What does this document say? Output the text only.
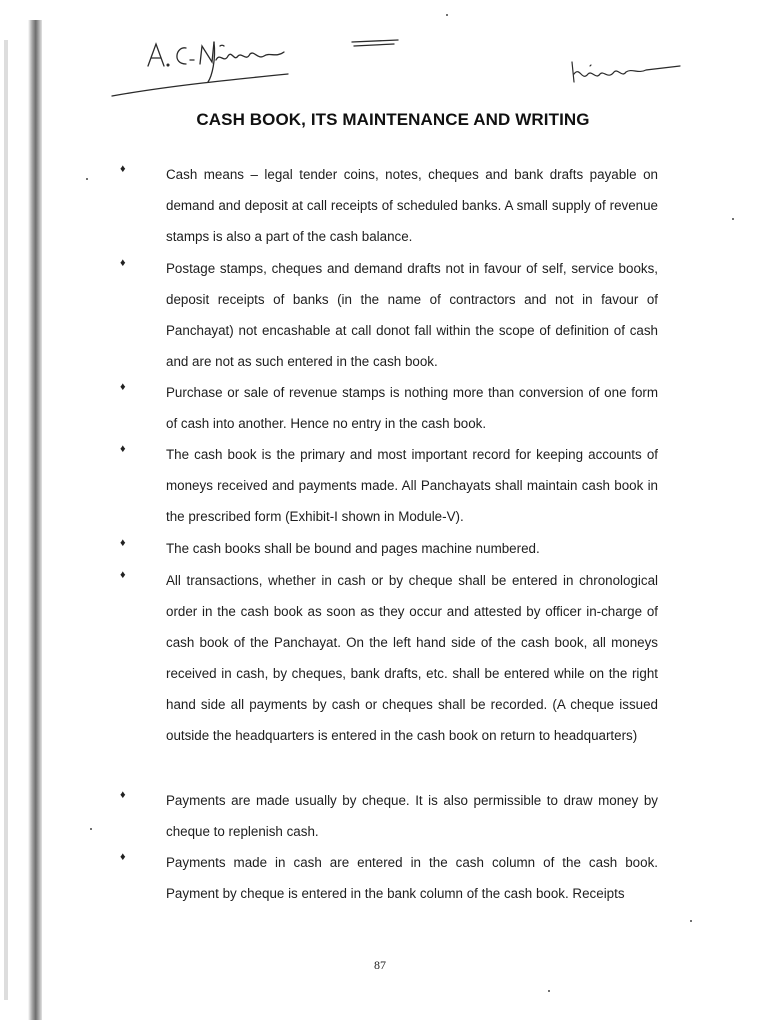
CASH BOOK, ITS MAINTENANCE AND WRITING
♦	Cash means – legal tender coins, notes, cheques and bank drafts payable on demand and deposit at call receipts of scheduled banks. A small supply of revenue stamps is also a part of the cash balance.
♦	Postage stamps, cheques and demand drafts not in favour of self, service books, deposit receipts of banks (in the name of contractors and not in favour of Panchayat) not encashable at call donot fall within the scope of definition of cash and are not as such entered in the cash book.
♦	Purchase or sale of revenue stamps is nothing more than conversion of one form of cash into another. Hence no entry in the cash book.
♦	The cash book is the primary and most important record for keeping accounts of moneys received and payments made. All Panchayats shall maintain cash book in the prescribed form (Exhibit-I shown in Module-V).
♦	The cash books shall be bound and pages machine numbered.
♦	All transactions, whether in cash or by cheque shall be entered in chronological order in the cash book as soon as they occur and attested by officer in-charge of cash book of the Panchayat. On the left hand side of the cash book, all moneys received in cash, by cheques, bank drafts, etc. shall be entered while on the right hand side all payments by cash or cheques shall be recorded. (A cheque issued outside the headquarters is entered in the cash book on return to headquarters)
♦	Payments are made usually by cheque. It is also permissible to draw money by cheque to replenish cash.
♦	Payments made in cash are entered in the cash column of the cash book. Payment by cheque is entered in the bank column of the cash book. Receipts
87
